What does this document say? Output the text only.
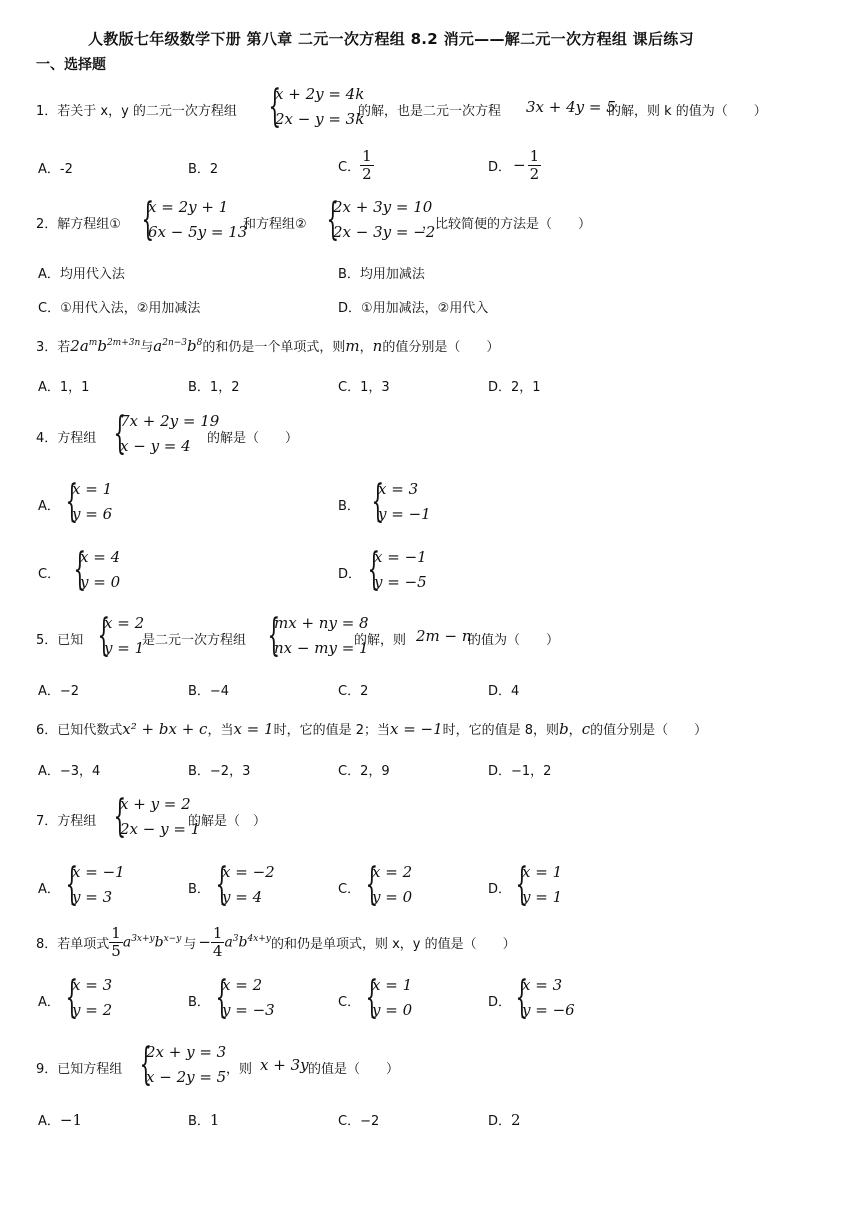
人教版七年级数学下册 第八章 二元一次方程组 8.2 消元——解二元一次方程组 课后练习
一、选择题
1．若关于 x，y 的二元一次方程组 {
x + 2y = 4k
2x − y = 3k
的解，也是二元一次方程 3x + 4y = 5
的解，则 k 的值为（　　）
A．-2	B．2	C． $\frac{1}{2}$	D． − $\frac{1}{2}$
2．解方程组① {
x = 2y + 1
6x − 5y = 13
和方程组② {
2x + 3y = 10
2x − 3y = −2
，比较简便的方法是（　　）
A．均用代入法	B．均用加减法
C．①用代入法，②用加减法	D．①用加减法，②用代入
3．若 $2a^mb^{2m+3n}$ 与 $a^{2n-3}b^8$ 的和仍是一个单项式，则 m ， n 的值分别是（　　）
A．1，1	B．1，2	C．1，3	D．2，1
4．方程组 {
7x + 2y = 19
x − y = 4	的解是（　　）
A． {
x = 1
y = 6	B． {
x = 3
y = −1
C． {
x = 4
y = 0	D． {
x = −1
y = −5
5．已知 {
x = 2
y = 1
是二元一次方程组 {
mx + ny = 8
nx − my = 1
的解，则 2m − n
的值为（　　）
A．−2	B．−4	C．2	D．4
6．已知代数式 x² + bx + c ，当 x = 1 时，它的值是 2；当 x = −1 时，它的值是 8，则 b ， c 的值分别是（　　）
A．−3，4	B．−2，3	C．2，9	D．−1，2
7．方程组 {
x + y = 2
2x − y = 1
的解是（　）
A． {
x = −1
y = 3	B． {
x = −2
y = 4	C． {
x = 2
y = 0	D． {
x = 1
y = 1
8．若单项式 $\frac{1}{5} a^{3x+y}b^{x-y}$ 与 − $\frac{1}{4} a^3b^{4x+y}$ 的和仍是单项式，则 x，y 的值是（　　）
A． {
x = 3
y = 2	B． {
x = 2
y = −3	C． {
x = 1
y = 0	D． {
x = 3
y = −6
9．已知方程组 {
2x + y = 3
x − 2y = 5 ，则 x + 3y 的值是（　　）
A． −1	B． 1	C． −2	D． 2
